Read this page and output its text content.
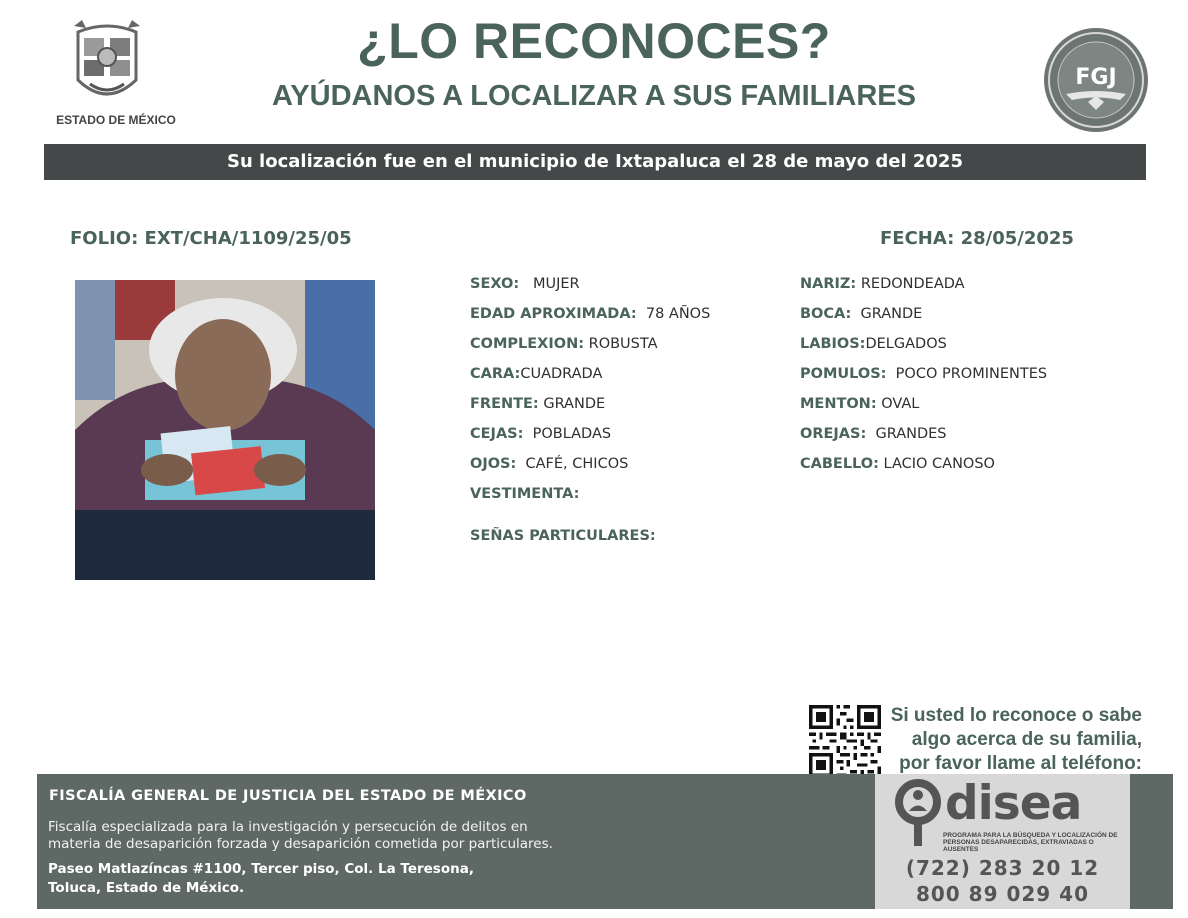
ESTADO DE MÉXICO
¿LO RECONOCES?
AYÚDANOS A LOCALIZAR A SUS FAMILIARES
FGJ
Su localización fue en el municipio de Ixtapaluca el 28 de mayo del 2025
FOLIO: EXT/CHA/1109/25/05	FECHA: 28/05/2025
SEXO: MUJER
EDAD APROXIMADA: 78 AÑOS
COMPLEXION: ROBUSTA
CARA:CUADRADA
FRENTE: GRANDE
CEJAS: POBLADAS
OJOS: CAFÉ, CHICOS
VESTIMENTA:
SEÑAS PARTICULARES:
NARIZ: REDONDEADA
BOCA: GRANDE
LABIOS:DELGADOS
POMULOS: POCO PROMINENTES
MENTON: OVAL
OREJAS: GRANDES
CABELLO: LACIO CANOSO
Si usted lo reconoce o sabe
algo acerca de su familia,
por favor llame al teléfono:
FISCALÍA GENERAL DE JUSTICIA DEL ESTADO DE MÉXICO
Fiscalía especializada para la investigación y persecución de delitos en
materia de desaparición forzada y desaparición cometida por particulares.
Paseo Matlazíncas #1100, Tercer piso, Col. La Teresona,
Toluca, Estado de México.
disea
PROGRAMA PARA LA BÚSQUEDA Y LOCALIZACIÓN DE PERSONAS DESAPARECIDAS, EXTRAVIADAS O AUSENTES
(722) 283 20 12
800 89 029 40
